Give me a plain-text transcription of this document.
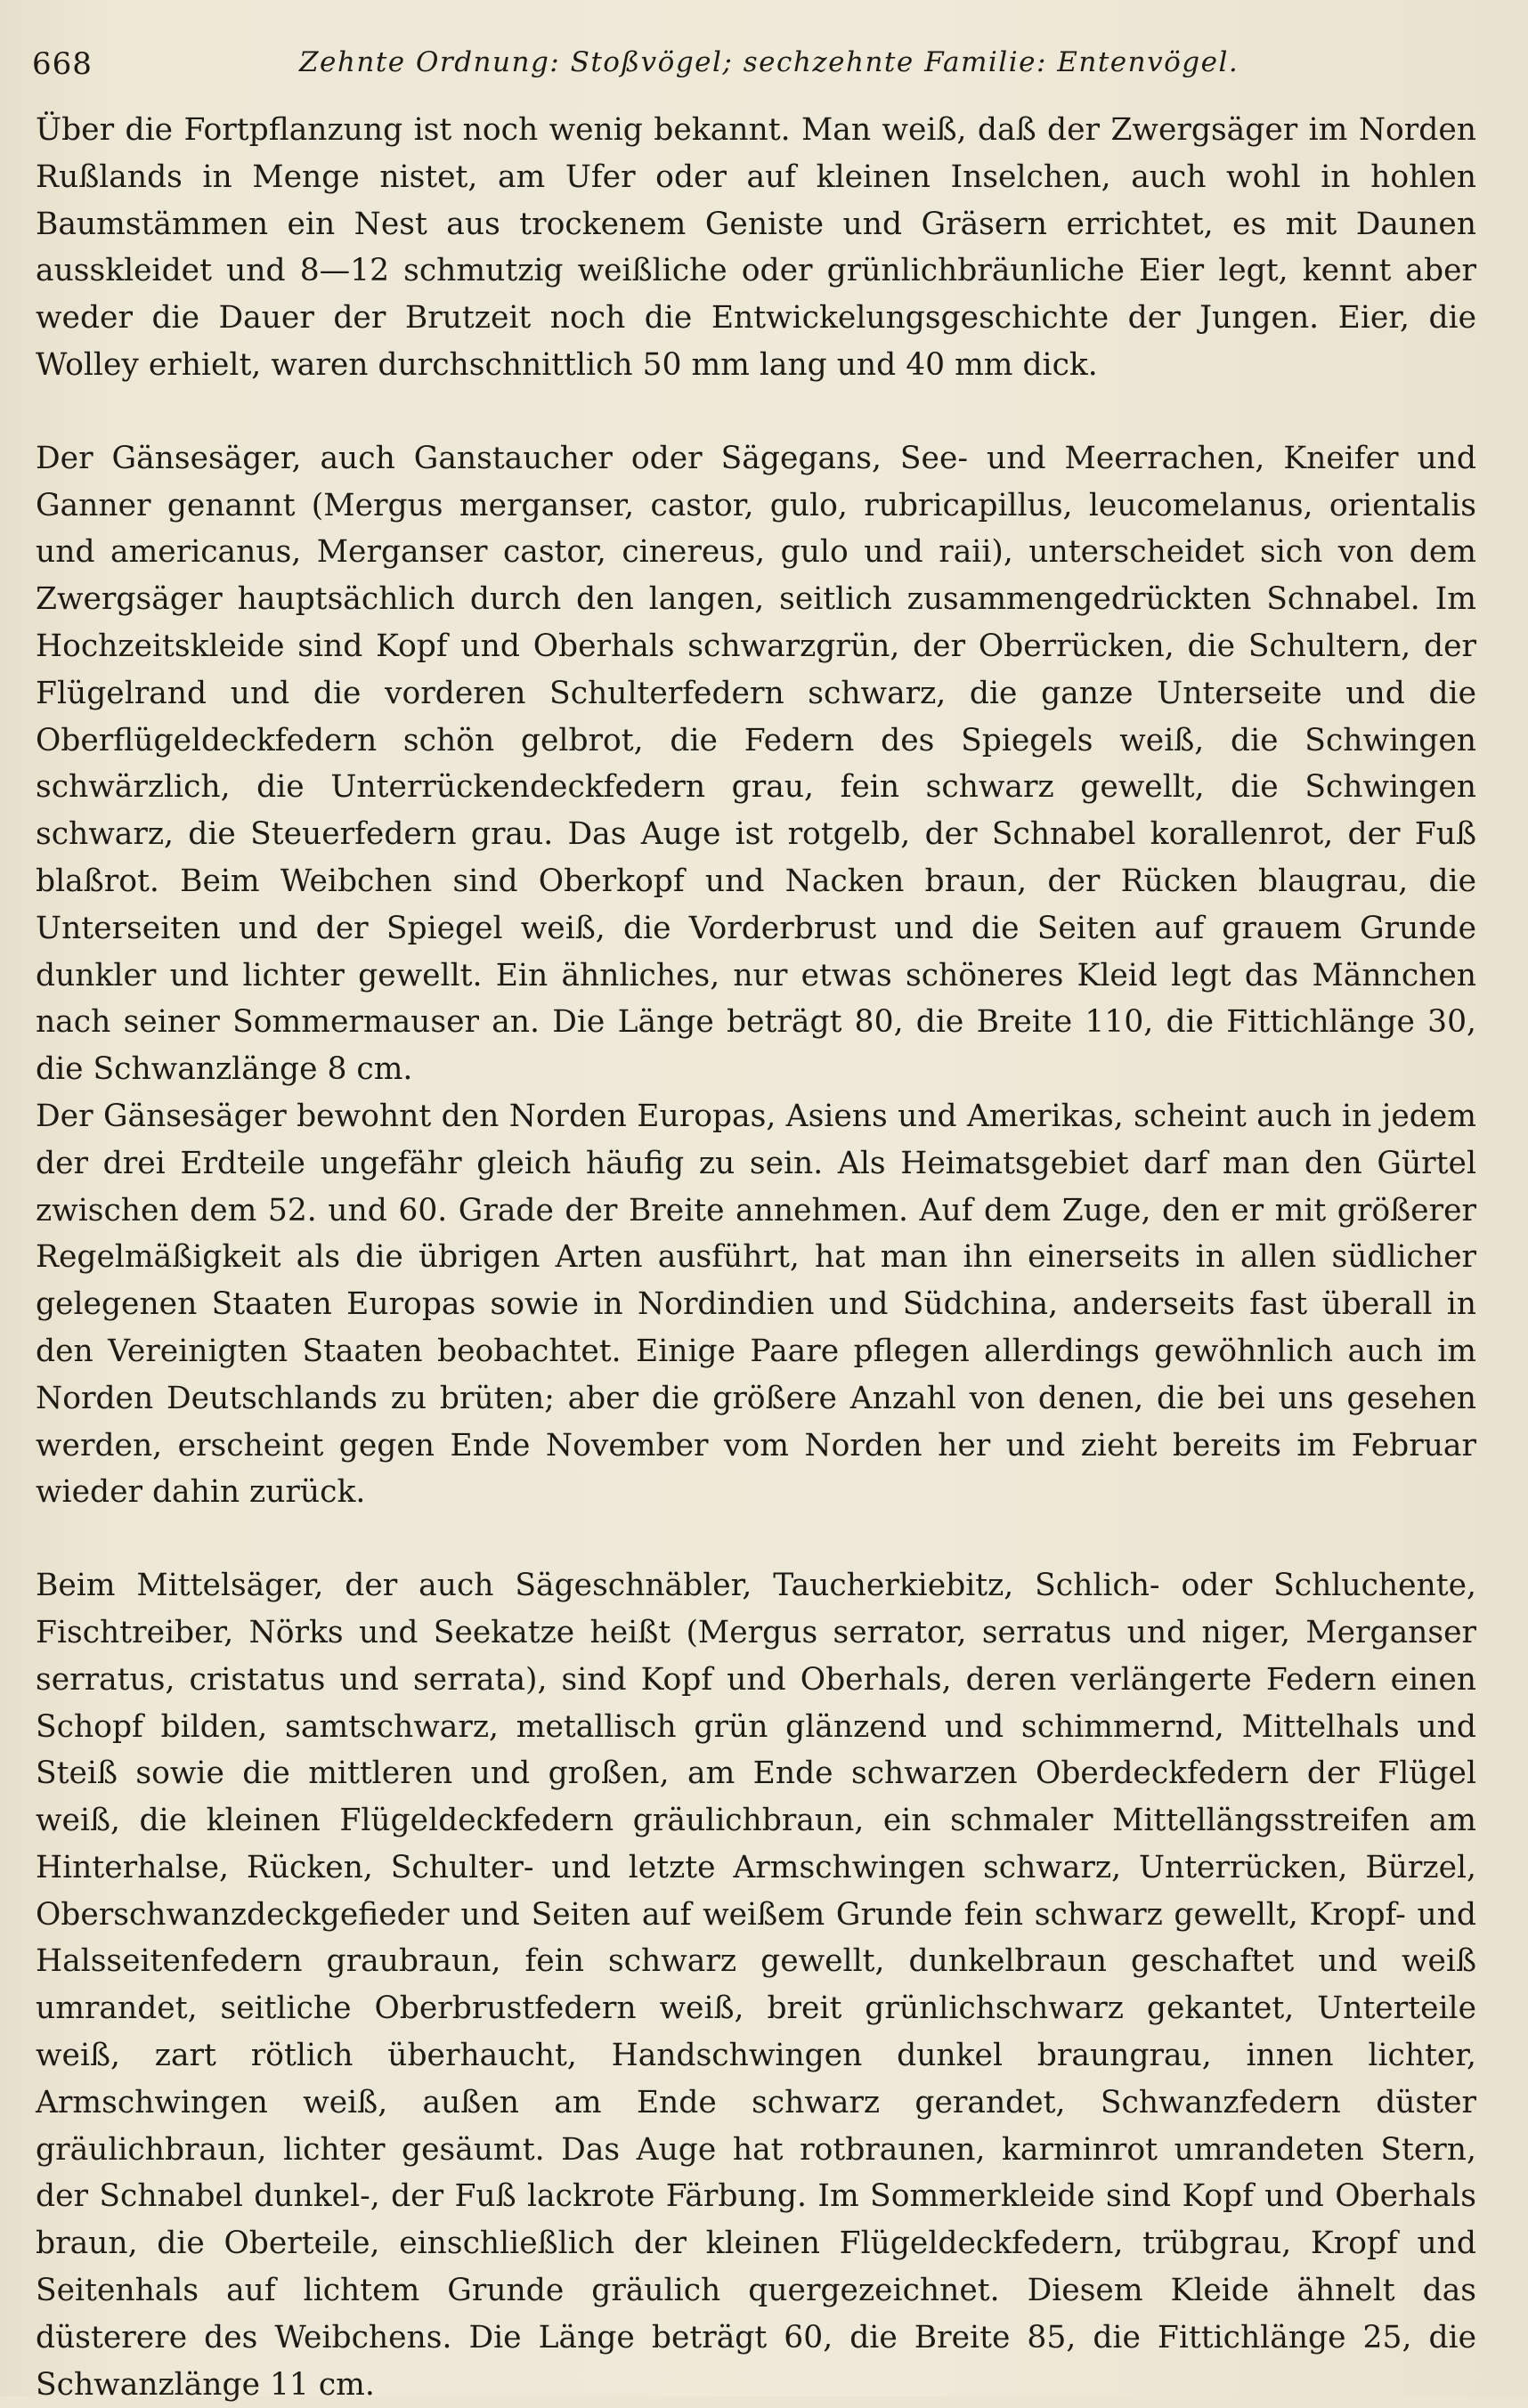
668	Zehnte Ordnung: Stoßvögel; sechzehnte Familie: Entenvögel.

Über die Fortpflanzung ist noch wenig bekannt. Man weiß, daß der Zwergsäger im Norden Rußlands in Menge nistet, am Ufer oder auf kleinen Inselchen, auch wohl in hohlen Baumstämmen ein Nest aus trockenem Geniste und Gräsern errichtet, es mit Daunen ausskleidet und 8—12 schmutzig weißliche oder grünlichbräunliche Eier legt, kennt aber weder die Dauer der Brutzeit noch die Entwickelungsgeschichte der Jungen. Eier, die Wolley erhielt, waren durchschnittlich 50 mm lang und 40 mm dick.

Der Gänsesäger, auch Ganstaucher oder Sägegans, See- und Meerrachen, Kneifer und Ganner genannt (Mergus merganser, castor, gulo, rubricapillus, leucomelanus, orientalis und americanus, Merganser castor, cinereus, gulo und raii), unterscheidet sich von dem Zwergsäger hauptsächlich durch den langen, seitlich zusammengedrückten Schnabel. Im Hochzeitskleide sind Kopf und Oberhals schwarzgrün, der Oberrücken, die Schultern, der Flügelrand und die vorderen Schulterfedern schwarz, die ganze Unterseite und die Oberflügeldeckfedern schön gelbrot, die Federn des Spiegels weiß, die Schwingen schwärzlich, die Unterrückendeckfedern grau, fein schwarz gewellt, die Schwingen schwarz, die Steuerfedern grau. Das Auge ist rotgelb, der Schnabel korallenrot, der Fuß blaßrot. Beim Weibchen sind Oberkopf und Nacken braun, der Rücken blaugrau, die Unterseiten und der Spiegel weiß, die Vorderbrust und die Seiten auf grauem Grunde dunkler und lichter gewellt. Ein ähnliches, nur etwas schöneres Kleid legt das Männchen nach seiner Sommermauser an. Die Länge beträgt 80, die Breite 110, die Fittichlänge 30, die Schwanzlänge 8 cm.

Der Gänsesäger bewohnt den Norden Europas, Asiens und Amerikas, scheint auch in jedem der drei Erdteile ungefähr gleich häufig zu sein. Als Heimatsgebiet darf man den Gürtel zwischen dem 52. und 60. Grade der Breite annehmen. Auf dem Zuge, den er mit größerer Regelmäßigkeit als die übrigen Arten ausführt, hat man ihn einerseits in allen südlicher gelegenen Staaten Europas sowie in Nordindien und Südchina, anderseits fast überall in den Vereinigten Staaten beobachtet. Einige Paare pflegen allerdings gewöhnlich auch im Norden Deutschlands zu brüten; aber die größere Anzahl von denen, die bei uns gesehen werden, erscheint gegen Ende November vom Norden her und zieht bereits im Februar wieder dahin zurück.

Beim Mittelsäger, der auch Sägeschnäbler, Taucherkiebitz, Schlich- oder Schluchente, Fischtreiber, Nörks und Seekatze heißt (Mergus serrator, serratus und niger, Merganser serratus, cristatus und serrata), sind Kopf und Oberhals, deren verlängerte Federn einen Schopf bilden, samtschwarz, metallisch grün glänzend und schimmernd, Mittelhals und Steiß sowie die mittleren und großen, am Ende schwarzen Oberdeckfedern der Flügel weiß, die kleinen Flügeldeckfedern gräulichbraun, ein schmaler Mittellängsstreifen am Hinterhalse, Rücken, Schulter- und letzte Armschwingen schwarz, Unterrücken, Bürzel, Oberschwanzdeckgefieder und Seiten auf weißem Grunde fein schwarz gewellt, Kropf- und Halsseitenfedern graubraun, fein schwarz gewellt, dunkelbraun geschaftet und weiß umrandet, seitliche Oberbrustfedern weiß, breit grünlichschwarz gekantet, Unterteile weiß, zart rötlich überhaucht, Handschwingen dunkel braungrau, innen lichter, Armschwingen weiß, außen am Ende schwarz gerandet, Schwanzfedern düster gräulichbraun, lichter gesäumt. Das Auge hat rotbraunen, karminrot umrandeten Stern, der Schnabel dunkel-, der Fuß lackrote Färbung. Im Sommerkleide sind Kopf und Oberhals braun, die Oberteile, einschließlich der kleinen Flügeldeckfedern, trübgrau, Kropf und Seitenhals auf lichtem Grunde gräulich quergezeichnet. Diesem Kleide ähnelt das düsterere des Weibchens. Die Länge beträgt 60, die Breite 85, die Fittichlänge 25, die Schwanzlänge 11 cm.
